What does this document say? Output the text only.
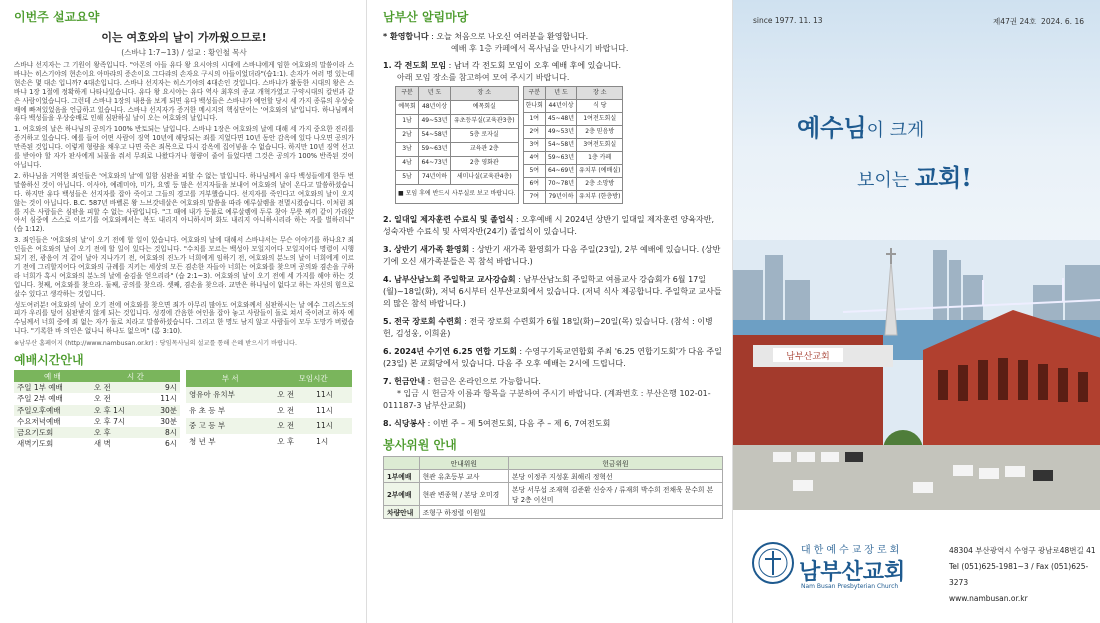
이번주 설교요약
이는 여호와의 날이 가까웠으므로!
(스바냐 1:7~13) / 설교 : 황인철 목사
스바냐 선지자는 그 기원이 왕족입니다. "아몬의 아들 유다 왕 요시야의 시대에 스바냐에게 임한 여호와의 말씀이라 스바냐는 히스기야의 현손이요 아마랴의 증손이요 그다랴의 손자요 구시의 아들이었더라"(습1:1). 손자가 여러 명 있는데 현손은 몇 대손 입니까? 4대손입니다. 스바냐 선지자는 히스기야의 4대손인 것입니다. 스바냐가 활동한 시대의 왕은 스바냐 1장 1절에 정확하게 나타나있습니다. 유다 왕 요시야는 유다 역사 최후의 종교 개혁가였고 구약시대의 칼빈과 같은 사람이었습니다. 그런데 스바냐 1장의 내용을 보게 되면 유다 백성들은 스바냐가 예언할 당시 세 가지 종류의 우상숭배에 빠져있었음을 언급하고 있습니다. 스바냐 선지자가 증거한 메시지의 핵심단어는 '여호와의 날'입니다. 하나님께서 유다 백성들을 우상숭배로 인해 심판하실 날이 오는 여호와의 날입니다.
1. 여호와의 날은 하나님의 공의가 100% 반토되는 날입니다. 스바냐 1장은 여호와의 날에 대해 세 가지 중요한 진리를 증거하고 있습니다. 예를 들어 어떤 사람이 징역 10년에 해당되는 죄를 지었다면 10년 동안 감옥에 있다 나오면 공의가 만족된 것입니다. 이렇게 형량을 채우고 나면 죽은 죄목으로 다시 감옥에 집어넣을 수 없습니다. 하지만 10년 징역 선고를 받아야 할 자가 판사에게 뇌물을 줘서 무죄로 나왔다거나 형량이 줄어 들었다면 그것은 공의가 100% 반족된 것이 아닙니다.
2. 하나님을 거역한 죄인들은 '여호와의 날'에 일함 심판을 피할 수 없는 말입니다. 하나님께서 유다 백성들에게 한두 번 말씀하신 것이 아닙니다. 이사야, 예레미야, 미가, 요엘 등 많은 선지자들을 보내어 여호와의 날이 온다고 말씀하셨습니다. 하지만 유다 백성들은 선지자를 잡아 죽이고 그들의 경고를 거부했습니다. 선지자를 죽인다고 여호와의 날이 오지 않는 것이 아닙니다. B.C. 587년 바벨론 왕 느브갓네살은 여호와의 말씀을 따라 예루살렘을 전멸시켰습니다. 이처럼 죄를 지은 사람들은 심판을 피할 수 없는 사람입니다. "그 때에 내가 등불로 예루살렘에 두루 찾아 무릇 찌끼 같이 가라앉아서 심중에 스스로 이르기를 여호와께서는 복도 내리지 아니하시며 화도 내리지 아니하시리라 하는 자를 벌하리니" (습 1:12).
3. 죄인들은 '여호와의 날'이 오기 전에 할 일이 있습니다. 여호와의 날에 대해서 스바냐서는 무슨 이야기를 하나요? 죄인들은 여호와의 날이 오기 전에 할 일이 있다는 것입니다. "수치를 모르는 백성아 모일지어다 모일지어다 명령이 시행되기 전, 광음이 겨 같이 날아 지나가기 전, 여호와의 진노가 너희에게 임하기 전, 여호와의 분노의 날이 너희에게 이르기 전에 그리할지어다 여호와의 규례를 지키는 세상의 모든 겸손한 자들아 너희는 여호와를 찾으며 공의와 겸손을 구하라 너희가 혹시 여호와의 분노의 날에 숨김을 얻으리라" (습 2:1~3). 여호와의 날이 오기 전에 세 가지를 해야 하는 것입니다. 첫째, 여호와를 찾으라. 둘째, 공의를 찾으라. 셋째, 겸손을 찾으라. 교만은 하나님이 없다고 하는 자신의 힘으로 살수 있다고 생각하는 것입니다.
성도여러분! 여호와의 날이 오기 전에 여호와를 찾으면 죄가 아무리 많아도 여호와께서 심판하시는 날 예수 그리스도의 피가 우리를 덮어 심판받지 않게 되는 것입니다. 성경에 간음한 여인을 잡아 놓고 사람들이 돌로 쳐서 죽이려고 하자 예수님께서 너희 중에 죄 없는 자가 돌로 치라고 말씀하셨습니다. 그리고 한 명도 남지 않고 사람들이 모두 도망가 버렸습니다. "기록한 바 의인은 없나니 하나도 없으며" (롬 3:10).
※남부산 홈페이지 (http://www.nambusan.or.kr) : 당임목사님의 설교를 통해 은혜 받으시기 바랍니다.
예배시간안내
예 배	시 간	
주일 1부 예배	오 전	9시
주일 2부 예배	오 전	11시
주일오후예배	오 후 1시	30분
수요저녁예배	오 후 7시	30분
금요기도회	오 후	8시
새벽기도회	새 벽	6시
부 서	모임시간	
영유아 유치부	오 전	11시
유 초 등 부	오 전	11시
중 고 등 부	오 전	11시
청 년 부	오 후	1시
남부산 알림마당
* 환영합니다 : 오늘 처음으로 나오신 여러분을 환영합니다.
예배 후 1층 카페에서 목사님을 만나시기 바랍니다.
1. 각 전도회 모임 : 남녀 각 전도회 모임이 오후 예배 후에 있습니다.
아래 모임 장소를 참고하여 모여 주시기 바랍니다.
구분	년 도	장 소
예목회	48년이상	예목회실
1남	49~53년	유초등부실(교육관3층)
2남	54~58년	5층 로자실
3남	59~63년	교육관 2층
4남	64~73년	2층 영화관
5남	74년이하	세미나실(교육관4층)
■ 모임 후에 반드시 사무실로 보고 바랍니다.		
구분	년 도	장 소
한나회	44년이상	식 당
1여	45~48년	1여전도회실
2여	49~53년	2층 믿음방
3여	54~58년	3여전도회실
4여	59~63년	1층 카페
5여	64~69년	유치부 (예배실)
6여	70~78년	2층 소망방
7여	79년이하	유치부 (한층방)
2. 일대일 제자훈련 수료식 및 졸업식 : 오후예배 시 2024년 상반기 일대일 제자훈련 양육자반, 성숙자반 수료식 및 사역자반(24기) 졸업식이 있습니다.
3. 상반기 새가족 환영회 : 상반기 새가족 환영회가 다음 주일(23일), 2부 예배에 있습니다. (상반기에 오신 새가족분들은 꼭 참석 바랍니다.)
4. 남부산남노회 주일학교 교사강습회 : 남부산남노회 주일학교 여름교사 강습회가 6월 17일(월)~18일(화), 저녁 6시부터 신부산교회에서 있습니다. (저녁 식사 제공합니다. 주일학교 교사들의 많은 참석 바랍니다.)
5. 전국 장로회 수련회 : 전국 장로회 수련회가 6월 18일(화)~20일(목) 있습니다. (참석 : 이병헌, 김성웅, 이희윤)
6. 2024년 수기연 6.25 연합 기도회 : 수영구기독교연합회 주최 '6.25 연합기도회'가 다음 주일 (23일) 본 교회당에서 있습니다. 다음 주 오후 예배는 2시에 드립니다.
7. 헌금안내 : 헌금은 온라인으로 가능합니다.
* 입금 시 헌금자 이름과 항목을 구분하여 주시기 바랍니다. (계좌번호 : 부산은행 102-01-011187-3 남부산교회)
8. 식당봉사 : 이번 주 – 제 5여전도회, 다음 주 – 제 6, 7여전도회
봉사위원 안내
	안내위원	헌금위원
1부예배	현관 유초등부 교사	본당 이정주 지성훈 최해리 정혁선
2부예배	현관 변종혁 / 본당 오미경	본당 서무섭 조재혁 김준환 신승자 / 류재희 박수희 전채욱 문수희 본당 2층 이선미
차량안내	조형구 하정렬 이원일	
since 1977. 11. 13	제47권 24호 2024. 6. 16
예수님이 크게
보이는 교회!
남부산교회
대한예수교장로회
남부산교회
Nam Busan Presbyterian Church
48304 부산광역시 수영구 광남로48번길 41
Tel (051)625-1981~3 / Fax (051)625-3273
www.nambusan.or.kr
